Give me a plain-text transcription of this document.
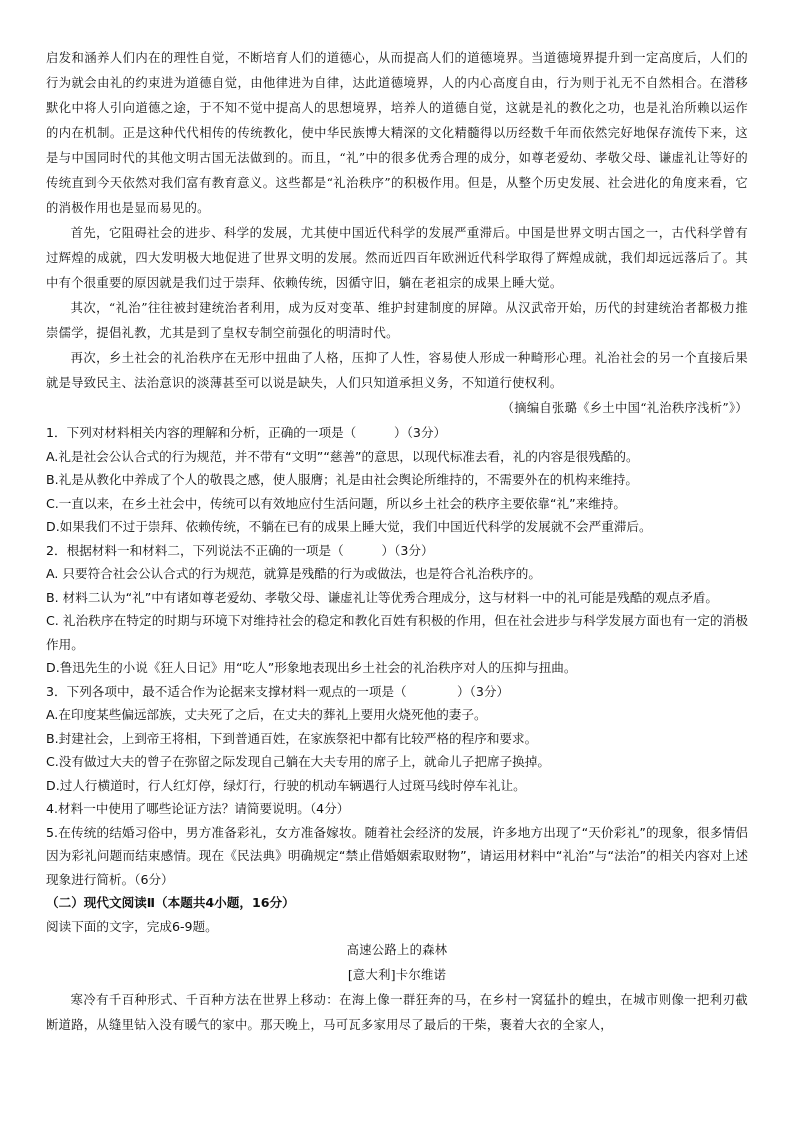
启发和涵养人们内在的理性自觉，不断培育人们的道德心，从而提高人们的道德境界。当道德境界提升到一定高度后，人们的行为就会由礼的约束进为道德自觉，由他律进为自律，达此道德境界，人的内心高度自由，行为则于礼无不自然相合。在潜移默化中将人引向道德之途，于不知不觉中提高人的思想境界，培养人的道德自觉，这就是礼的教化之功，也是礼治所赖以运作的内在机制。正是这种代代相传的传统教化，使中华民族博大精深的文化精髓得以历经数千年而依然完好地保存流传下来，这是与中国同时代的其他文明古国无法做到的。而且，“礼”中的很多优秀合理的成分，如尊老爱幼、孝敬父母、谦虚礼让等好的传统直到今天依然对我们富有教育意义。这些都是“礼治秩序”的积极作用。但是，从整个历史发展、社会进化的角度来看，它的消极作用也是显而易见的。

首先，它阻碍社会的进步、科学的发展，尤其使中国近代科学的发展严重滞后。中国是世界文明古国之一，古代科学曾有过辉煌的成就，四大发明极大地促进了世界文明的发展。然而近四百年欧洲近代科学取得了辉煌成就，我们却远远落后了。其中有个很重要的原因就是我们过于崇拜、依赖传统，因循守旧，躺在老祖宗的成果上睡大觉。

其次，“礼治”往往被封建统治者利用，成为反对变革、维护封建制度的屏障。从汉武帝开始，历代的封建统治者都极力推崇儒学，提倡礼教，尤其是到了皇权专制空前强化的明清时代。

再次，乡土社会的礼治秩序在无形中扭曲了人格，压抑了人性，容易使人形成一种畸形心理。礼治社会的另一个直接后果就是导致民主、法治意识的淡薄甚至可以说是缺失，人们只知道承担义务，不知道行使权利。

（摘编自张璐《乡土中国“礼治秩序浅析”》）

1．下列对材料相关内容的理解和分析，正确的一项是（　　　）（3分）

A.礼是社会公认合式的行为规范，并不带有“文明”“慈善”的意思，以现代标准去看，礼的内容是很残酷的。

B.礼是从教化中养成了个人的敬畏之感，使人服膺；礼是由社会舆论所维持的，不需要外在的机构来维持。

C.一直以来，在乡土社会中，传统可以有效地应付生活问题，所以乡土社会的秩序主要依靠“礼”来维持。

D.如果我们不过于崇拜、依赖传统，不躺在已有的成果上睡大觉，我们中国近代科学的发展就不会严重滞后。

2．根据材料一和材料二，下列说法不正确的一项是（　　　）（3分）

A. 只要符合社会公认合式的行为规范，就算是残酷的行为或做法，也是符合礼治秩序的。

B. 材料二认为“礼”中有诸如尊老爱幼、孝敬父母、谦虚礼让等优秀合理成分，这与材料一中的礼可能是残酷的观点矛盾。

C. 礼治秩序在特定的时期与环境下对维持社会的稳定和教化百姓有积极的作用，但在社会进步与科学发展方面也有一定的消极作用。

D.鲁迅先生的小说《狂人日记》用“吃人”形象地表现出乡土社会的礼治秩序对人的压抑与扭曲。

3．下列各项中，最不适合作为论据来支撑材料一观点的一项是（　　　　）（3分）

A.在印度某些偏远部族，丈夫死了之后，在丈夫的葬礼上要用火烧死他的妻子。

B.封建社会，上到帝王将相，下到普通百姓，在家族祭祀中都有比较严格的程序和要求。

C.没有做过大夫的曾子在弥留之际发现自己躺在大夫专用的席子上，就命儿子把席子换掉。

D.过人行横道时，行人红灯停，绿灯行，行驶的机动车辆遇行人过斑马线时停车礼让。

4.材料一中使用了哪些论证方法？请简要说明。（4分）

5.在传统的结婚习俗中，男方准备彩礼，女方准备嫁妆。随着社会经济的发展，许多地方出现了“天价彩礼”的现象，很多情侣因为彩礼问题而结束感情。现在《民法典》明确规定“禁止借婚姻索取财物”，请运用材料中“礼治”与“法治”的相关内容对上述现象进行简析。（6分）

（二）现代文阅读Ⅱ（本题共4小题，16分）

阅读下面的文字，完成6-9题。

高速公路上的森林

[意大利]卡尔维诺

寒冷有千百种形式、千百种方法在世界上移动：在海上像一群狂奔的马，在乡村一窝猛扑的蝗虫，在城市则像一把利刃截断道路，从缝里钻入没有暖气的家中。那天晚上，马可瓦多家用尽了最后的干柴，裹着大衣的全家人，
